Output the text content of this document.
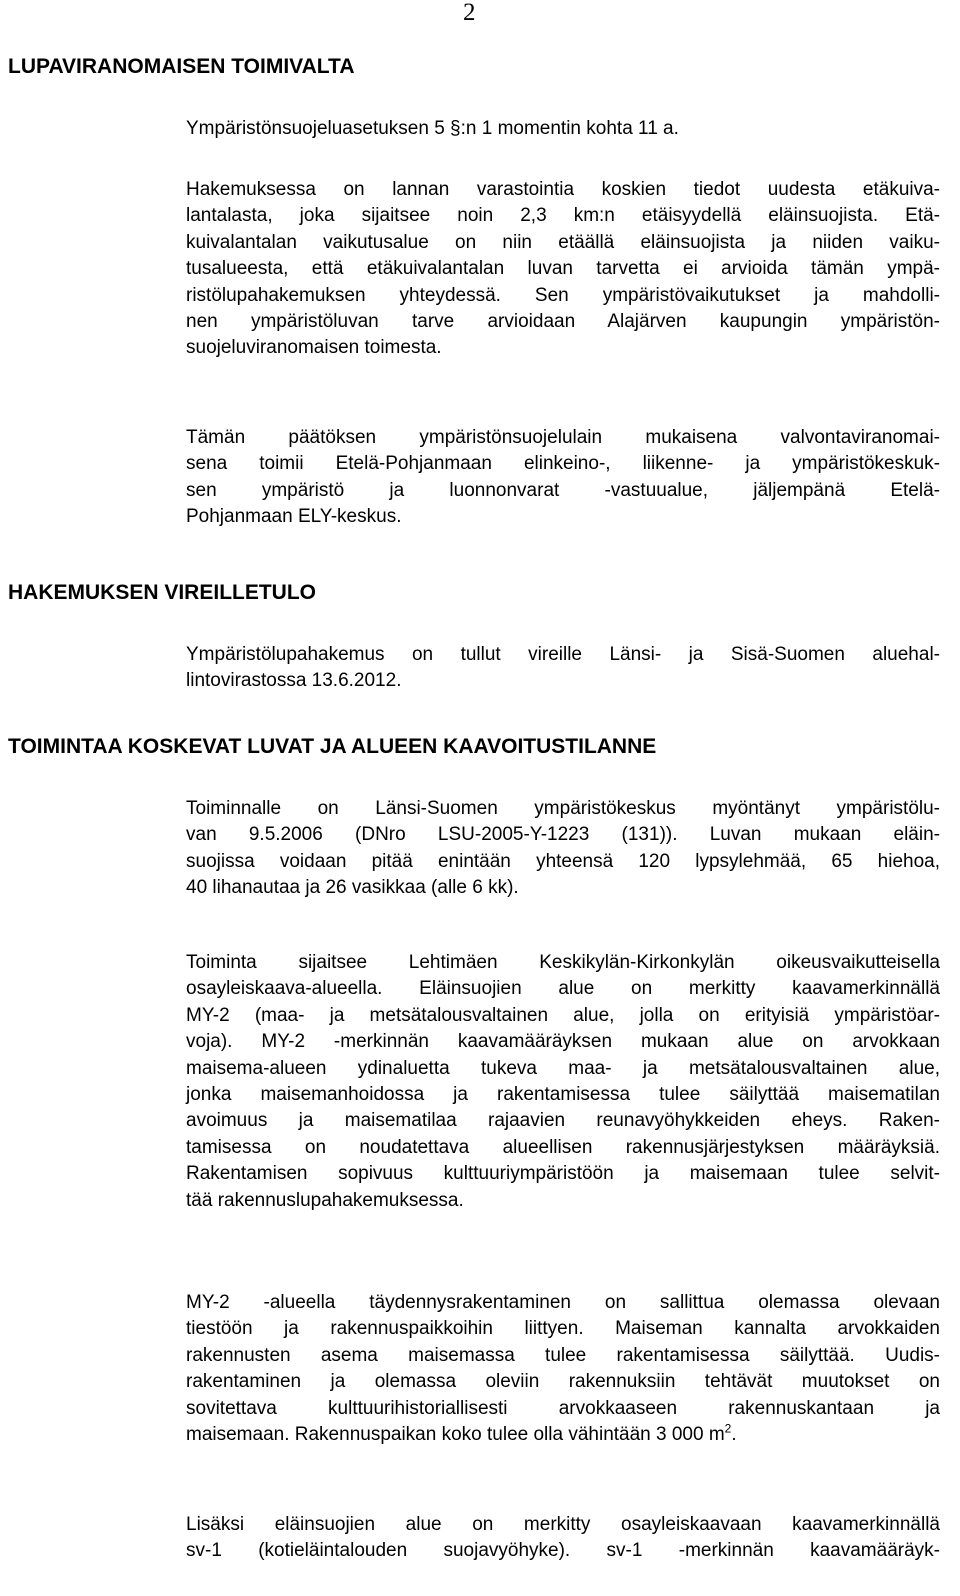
2

LUPAVIRANOMAISEN TOIMIVALTA

Ympäristönsuojeluasetuksen 5 §:n 1 momentin kohta 11 a.

Hakemuksessa on lannan varastointia koskien tiedot uudesta etäkuiva-
lantalasta, joka sijaitsee noin 2,3 km:n etäisyydellä eläinsuojista. Etä-
kuivalantalan vaikutusalue on niin etäällä eläinsuojista ja niiden vaiku-
tusalueesta, että etäkuivalantalan luvan tarvetta ei arvioida tämän ympä-
ristölupahakemuksen yhteydessä. Sen ympäristövaikutukset ja mahdolli-
nen ympäristöluvan tarve arvioidaan Alajärven kaupungin ympäristön-
suojeluviranomaisen toimesta.

Tämän päätöksen ympäristönsuojelulain mukaisena valvontaviranomai-
sena toimii Etelä-Pohjanmaan elinkeino-, liikenne- ja ympäristökeskuk-
sen ympäristö ja luonnonvarat -vastuualue, jäljempänä Etelä-
Pohjanmaan ELY-keskus.

HAKEMUKSEN VIREILLETULO

Ympäristölupahakemus on tullut vireille Länsi- ja Sisä-Suomen aluehal-
lintovirastossa 13.6.2012.

TOIMINTAA KOSKEVAT LUVAT JA ALUEEN KAAVOITUSTILANNE

Toiminnalle on Länsi-Suomen ympäristökeskus myöntänyt ympäristölu-
van 9.5.2006 (DNro LSU-2005-Y-1223 (131)). Luvan mukaan eläin-
suojissa voidaan pitää enintään yhteensä 120 lypsylehmää, 65 hiehoa,
40 lihanautaa ja 26 vasikkaa (alle 6 kk).

Toiminta sijaitsee Lehtimäen Keskikylän-Kirkonkylän oikeusvaikutteisella
osayleiskaava-alueella. Eläinsuojien alue on merkitty kaavamerkinnällä
MY-2 (maa- ja metsätalousvaltainen alue, jolla on erityisiä ympäristöar-
voja). MY-2 -merkinnän kaavamääräyksen mukaan alue on arvokkaan
maisema-alueen ydinaluetta tukeva maa- ja metsätalousvaltainen alue,
jonka maisemanhoidossa ja rakentamisessa tulee säilyttää maisematilan
avoimuus ja maisematilaa rajaavien reunavyöhykkeiden eheys. Raken-
tamisessa on noudatettava alueellisen rakennusjärjestyksen määräyksiä.
Rakentamisen sopivuus kulttuuriympäristöön ja maisemaan tulee selvit-
tää rakennuslupahakemuksessa.

MY-2 -alueella täydennysrakentaminen on sallittua olemassa olevaan
tiestöön ja rakennuspaikkoihin liittyen. Maiseman kannalta arvokkaiden
rakennusten asema maisemassa tulee rakentamisessa säilyttää. Uudis-
rakentaminen ja olemassa oleviin rakennuksiin tehtävät muutokset on
sovitettava kulttuurihistoriallisesti arvokkaaseen rakennuskantaan ja
maisemaan. Rakennuspaikan koko tulee olla vähintään 3 000 $m^2$.

Lisäksi eläinsuojien alue on merkitty osayleiskaavaan kaavamerkinnällä
sv-1 (kotieläintalouden suojavyöhyke). sv-1 -merkinnän kaavamääräyk-
